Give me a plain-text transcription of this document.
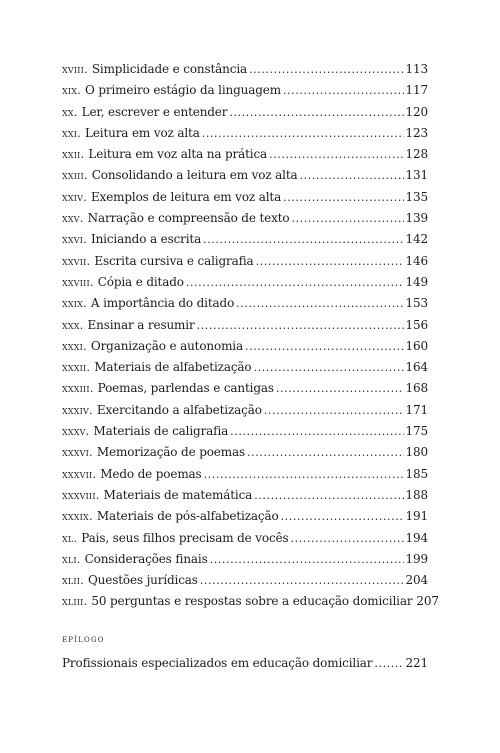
xviii. Simplicidade e constância .....	113
xix. O primeiro estágio da linguagem .....	117
xx. Ler, escrever e entender .....	120
xxi. Leitura em voz alta .....	123
xxii. Leitura em voz alta na prática .....	128
xxiii. Consolidando a leitura em voz alta .....	131
xxiv. Exemplos de leitura em voz alta .....	135
xxv. Narração e compreensão de texto .....	139
xxvi. Iniciando a escrita .....	142
xxvii. Escrita cursiva e caligrafia .....	146
xxviii. Cópia e ditado .....	149
xxix. A importância do ditado .....	153
xxx. Ensinar a resumir .....	156
xxxi. Organização e autonomia .....	160
xxxii. Materiais de alfabetização .....	164
xxxiii. Poemas, parlendas e cantigas .....	168
xxxiv. Exercitando a alfabetização .....	171
xxxv. Materiais de caligrafia .....	175
xxxvi. Memorização de poemas .....	180
xxxvii. Medo de poemas .....	185
xxxviii. Materiais de matemática .....	188
xxxix. Materiais de pós-alfabetização .....	191
xl. Pais, seus filhos precisam de vocês .....	194
xli. Considerações finais .....	199
xlii. Questões jurídicas .....	204
xliii. 50 perguntas e respostas sobre a educação domiciliar 207
epílogo
Profissionais especializados em educação domiciliar .....	221
